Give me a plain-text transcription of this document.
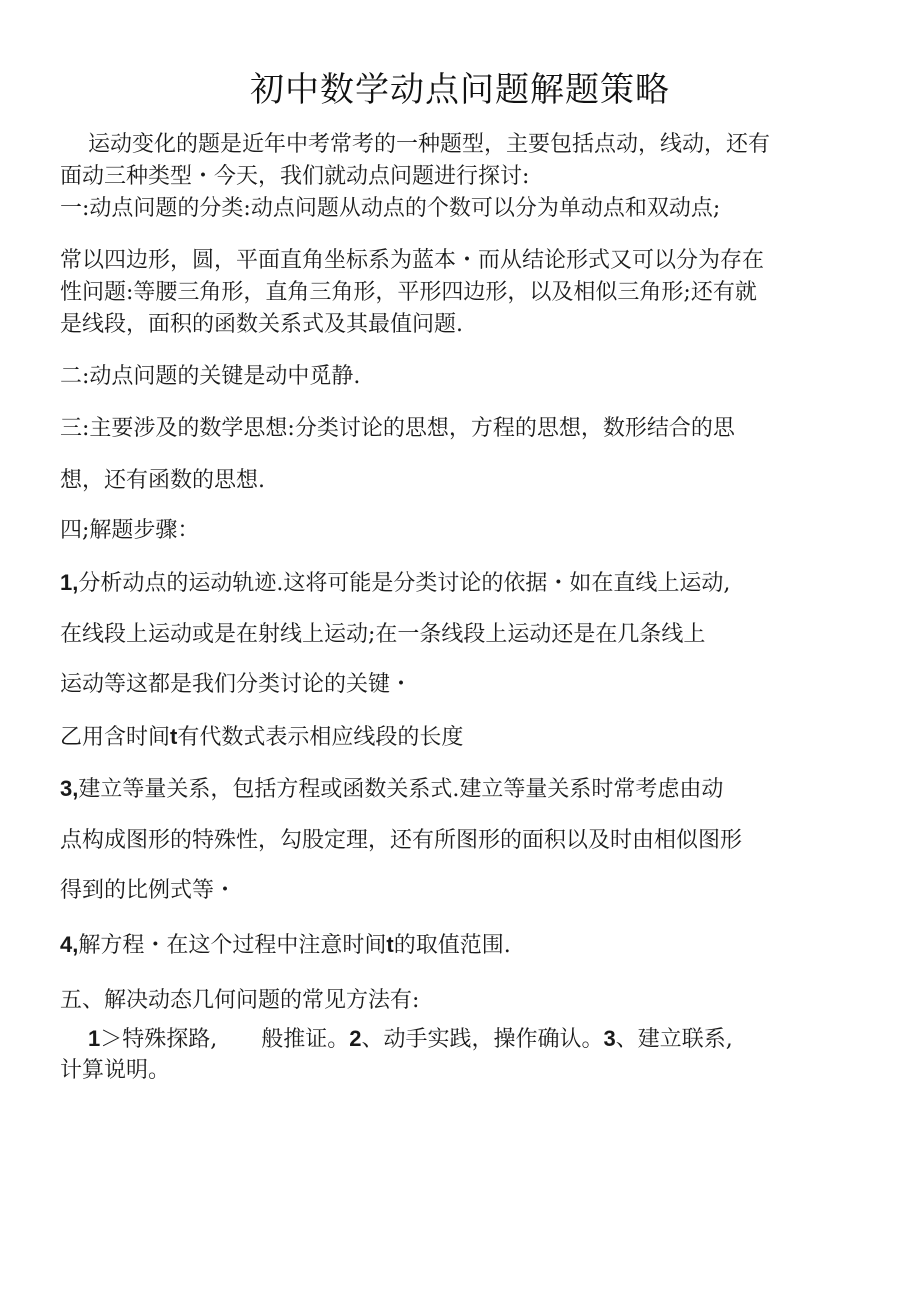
初中数学动点问题解题策略
运动变化的题是近年中考常考的一种题型，主要包括点动，线动，还有
面动三种类型・今天，我们就动点问题进行探讨:
一:动点问题的分类:动点问题从动点的个数可以分为单动点和双动点;
常以四边形，圆，平面直角坐标系为蓝本・而从结论形式又可以分为存在
性问题:等腰三角形，直角三角形，平形四边形，以及相似三角形;还有就
是线段，面积的函数关系式及其最值问题.
二:动点问题的关键是动中觅静.
三:主要涉及的数学思想:分类讨论的思想，方程的思想，数形结合的思
想，还有函数的思想.
四;解题步骤：
1,分析动点的运动轨迹.这将可能是分类讨论的依据・如在直线上运动,
在线段上运动或是在射线上运动;在一条线段上运动还是在几条线上
运动等这都是我们分类讨论的关键・
乙用含时间t有代数式表示相应线段的长度
3,建立等量关系，包括方程或函数关系式.建立等量关系时常考虑由动
点构成图形的特殊性，勾股定理，还有所图形的面积以及时由相似图形
得到的比例式等・
4,解方程・在这个过程中注意时间t的取值范围.
五、解决动态几何问题的常见方法有:
1＞特殊探路,　　般推证。2、动手实践，操作确认。3、建立联系,
计算说明。
